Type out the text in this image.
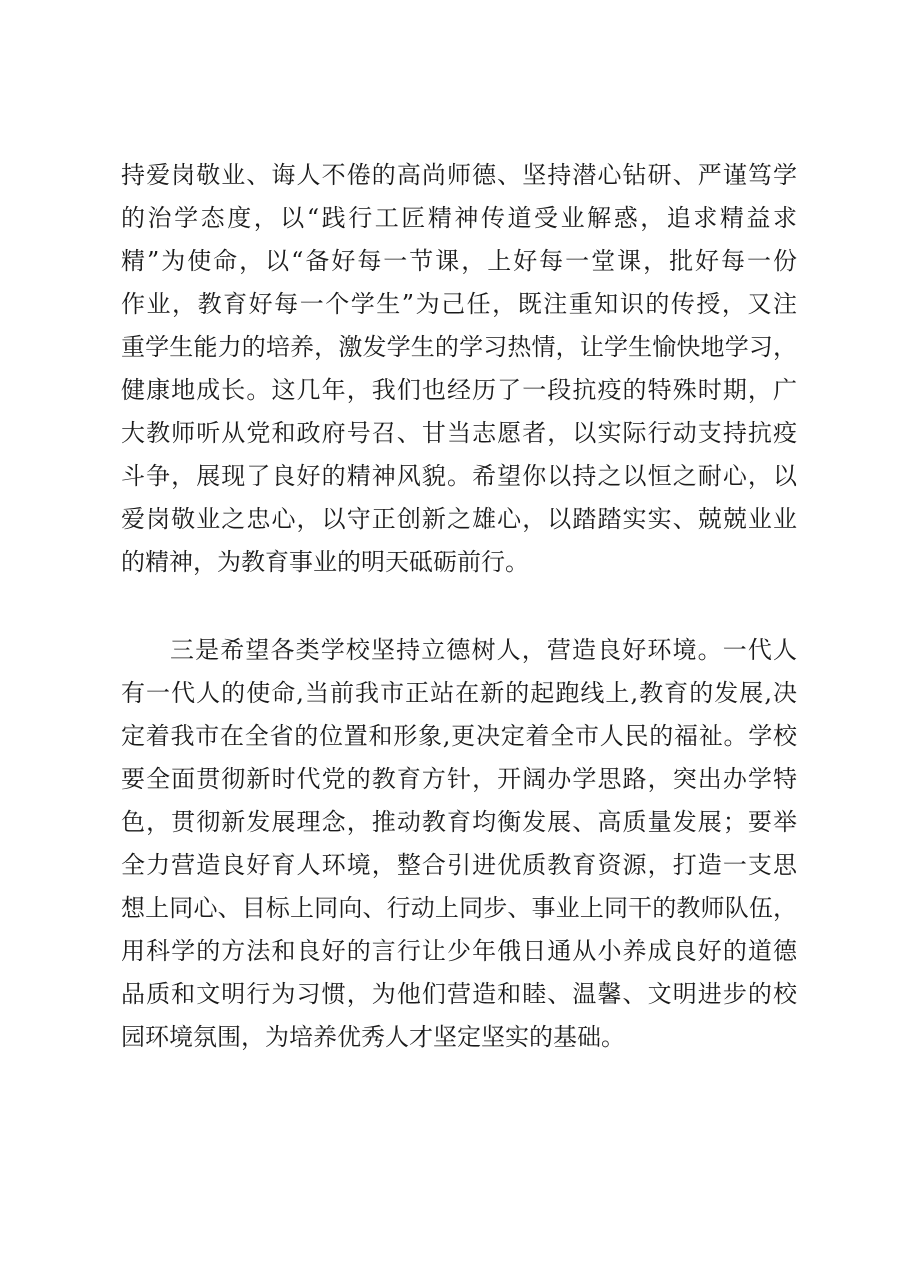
持爱岗敬业、诲人不倦的高尚师德、坚持潜心钻研、严谨笃学
的治学态度，以“践行工匠精神传道受业解惑，追求精益求
精”为使命，以“备好每一节课，上好每一堂课，批好每一份
作业，教育好每一个学生”为己任，既注重知识的传授，又注
重学生能力的培养，激发学生的学习热情，让学生愉快地学习，
健康地成长。这几年，我们也经历了一段抗疫的特殊时期，广
大教师听从党和政府号召、甘当志愿者，以实际行动支持抗疫
斗争，展现了良好的精神风貌。希望你以持之以恒之耐心，以
爱岗敬业之忠心，以守正创新之雄心，以踏踏实实、兢兢业业
的精神，为教育事业的明天砥砺前行。
三是希望各类学校坚持立德树人，营造良好环境。一代人
有一代人的使命,当前我市正站在新的起跑线上,教育的发展,决
定着我市在全省的位置和形象,更决定着全市人民的福祉。学校
要全面贯彻新时代党的教育方针，开阔办学思路，突出办学特
色，贯彻新发展理念，推动教育均衡发展、高质量发展；要举
全力营造良好育人环境，整合引进优质教育资源，打造一支思
想上同心、目标上同向、行动上同步、事业上同干的教师队伍，
用科学的方法和良好的言行让少年俄日通从小养成良好的道德
品质和文明行为习惯，为他们营造和睦、温馨、文明进步的校
园环境氛围，为培养优秀人才坚定坚实的基础。
